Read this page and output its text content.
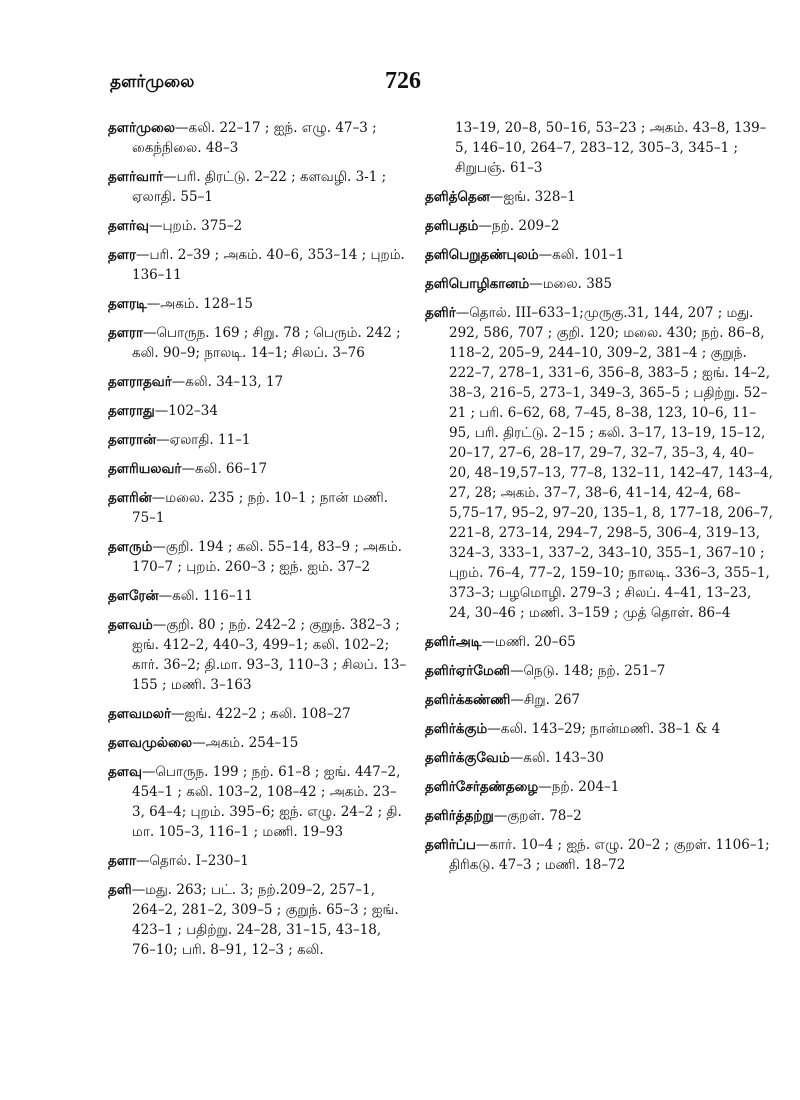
தளர்முலை	726
தளர்முலை—கலி. 22–17 ; ஐந். எழு. 47–3 ; கைந்நிலை. 48–3
தளர்வார்—பரி. திரட்டு. 2–22 ; களவழி. 3-1 ; ஏலாதி. 55–1
தளர்வு—புறம். 375–2
தளர—பரி. 2–39 ; அகம். 40–6, 353–14 ; புறம். 136–11
தளரடி—அகம். 128–15
தளரா—பொருந. 169 ; சிறு. 78 ; பெரும். 242 ; கலி. 90–9; நாலடி. 14–1; சிலப். 3–76
தளராதவர்—கலி. 34–13, 17
தளராது—102–34
தளரான்—ஏலாதி. 11–1
தளரியலவர்—கலி. 66–17
தளரின்—மலை. 235 ; நற். 10–1 ; நான் மணி. 75–1
தளரும்—குறி. 194 ; கலி. 55–14, 83–9 ; அகம். 170–7 ; புறம். 260–3 ; ஐந். ஐம். 37–2
தளரேன்—கலி. 116–11
தளவம்—குறி. 80 ; நற். 242–2 ; குறுந். 382–3 ; ஐங். 412–2, 440–3, 499–1; கலி. 102–2; கார். 36–2; தி.மா. 93–3, 110–3 ; சிலப். 13–155 ; மணி. 3–163
தளவமலர்—ஐங். 422–2 ; கலி. 108–27
தளவமுல்லை—அகம். 254–15
தளவு—பொருந. 199 ; நற். 61–8 ; ஐங். 447–2, 454–1 ; கலி. 103–2, 108–42 ; அகம். 23–3, 64–4; புறம். 395–6; ஐந். எழு. 24–2 ; தி. மா. 105–3, 116–1 ; மணி. 19–93
தளா—தொல். I–230–1
தளி—மது. 263; பட். 3; நற்.209–2, 257–1, 264–2, 281–2, 309–5 ; குறுந். 65–3 ; ஐங். 423–1 ; பதிற்று. 24–28, 31–15, 43–18, 76–10; பரி. 8–91, 12–3 ; கலி.
13–19, 20–8, 50–16, 53–23 ; அகம். 43–8, 139–5, 146–10, 264–7, 283–12, 305–3, 345–1 ; சிறுபஞ். 61–3
தளித்தென—ஐங். 328–1
தளிபதம்—நற். 209–2
தளிபெறுதண்புலம்—கலி. 101–1
தளிபொழிகானம்—மலை. 385
தளிர்—தொல். III–633–1;முருகு.31, 144, 207 ; மது. 292, 586, 707 ; குறி. 120; மலை. 430; நற். 86–8, 118–2, 205–9, 244–10, 309–2, 381–4 ; குறுந். 222–7, 278–1, 331–6, 356–8, 383–5 ; ஐங். 14–2, 38–3, 216–5, 273–1, 349–3, 365–5 ; பதிற்று. 52–21 ; பரி. 6–62, 68, 7–45, 8–38, 123, 10–6, 11–95, பரி. திரட்டு. 2–15 ; கலி. 3–17, 13–19, 15–12, 20–17, 27–6, 28–17, 29–7, 32–7, 35–3, 4, 40–20, 48–19,57–13, 77–8, 132–11, 142–47, 143–4, 27, 28; அகம். 37–7, 38–6, 41–14, 42–4, 68–5,75–17, 95–2, 97–20, 135–1, 8, 177–18, 206–7, 221–8, 273–14, 294–7, 298–5, 306–4, 319–13, 324–3, 333–1, 337–2, 343–10, 355–1, 367–10 ; புறம். 76–4, 77–2, 159–10; நாலடி. 336–3, 355–1, 373–3; பழமொழி. 279–3 ; சிலப். 4–41, 13–23, 24, 30–46 ; மணி. 3–159 ; முத் தொள். 86–4
தளிர்அடி—மணி. 20–65
தளிர்ஏர்மேனி—நெடு. 148; நற். 251–7
தளிர்க்கண்ணி—சிறு. 267
தளிர்க்கும்—கலி. 143–29; நான்மணி. 38–1 & 4
தளிர்க்குவேம்—கலி. 143–30
தளிர்சேர்தண்தழை—நற். 204–1
தளிர்த்தற்று—குறள். 78–2
தளிர்ப்ப—கார். 10–4 ; ஐந். எழு. 20–2 ; குறள். 1106–1; திரிகடு. 47–3 ; மணி. 18–72
